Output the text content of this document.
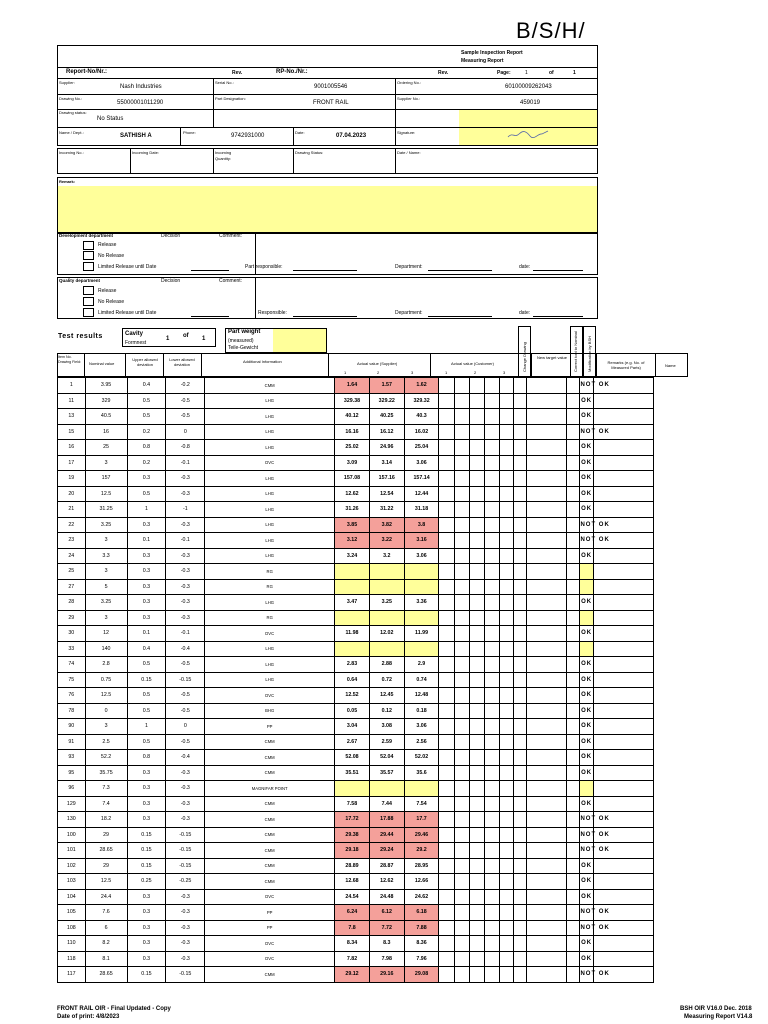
B/S/H/
Sample Inspection Report
Measuring Report
Report-No/Nr.:	Rev.	RP-No./Nr.:	Rev.	Page:	1	of	1
Supplier:
Nash Industries
Serial No.:
9001005546
Ordering No.:
60100009262043
Drawing No.:
55000001011290
Part Designation:
FRONT RAIL
Supplier No.:
459019
Drawing status:
No Status
Name / Dept.:
SATHISH A
Phone:
9742931000
Date:
07.04.2023
Signature:
Incoming No.:	Incoming Date:	Incoming Quantity:
Drawing Status:	Date / Name:
Remark:
Development department	Decision	Comment:
Release
No Release
Limited Release until Date	Part responsible:	Department:	date:
Quality department	Decision	Comment:
Release
No Release
Limited Release until Date	Responsible:	Department:	date:
Test results	Cavity
Formnest
1 of 1
Part weight
(measured)
Teile-Gewicht	Change Drawing	Correct tool to Nominal Modification by BSH
Item No. Drawing Field:	Nominal value
Upper allowed deviation
Lower allowed deviation
Additional Information	Actual value (Supplier)
1	2	3
Actual value (Customer)
1	2	3
New target value
Remarks (e.g. No. of Measured Parts)	Name
1	3.95	0.4	-0.2	CMM	1.64	1.57	1.62									NOT OK	
11	329	0.5	-0.5	LHG	329.38	329.22	329.32									OK	
13	40.5	0.5	-0.5	LHG	40.12	40.25	40.3									OK	
15	16	0.2	0	LHG	16.16	16.12	16.02									NOT OK	
16	25	0.8	-0.8	LHG	25.02	24.96	25.04									OK	
17	3	0.2	-0.1	DVC	3.09	3.14	3.06									OK	
19	157	0.3	-0.3	LHG	157.08	157.16	157.14									OK	
20	12.5	0.5	-0.3	LHG	12.62	12.54	12.44									OK	
21	31.25	1	-1	LHG	31.26	31.22	31.18									OK	
22	3.25	0.3	-0.3	LHG	3.85	3.82	3.8									NOT OK	
23	3	0.1	-0.1	LHG	3.12	3.22	3.16									NOT OK	
24	3.3	0.3	-0.3	LHG	3.24	3.2	3.06									OK	
25	3	0.3	-0.3	RG													
27	5	0.3	-0.3	RG													
28	3.25	0.3	-0.3	LHG	3.47	3.25	3.36									OK	
29	3	0.3	-0.3	RG													
30	12	0.1	-0.1	DVC	11.98	12.02	11.99									OK	
33	140	0.4	-0.4	LHG													
74	2.8	0.5	-0.5	LHG	2.83	2.88	2.9									OK	
75	0.75	0.15	-0.15	LHG	0.64	0.72	0.74									OK	
76	12.5	0.5	-0.5	DVC	12.52	12.45	12.48									OK	
78	0	0.5	-0.5	BHG	0.05	0.12	0.18									OK	
90	3	1	0	PP	3.04	3.08	3.06									OK	
91	2.5	0.5	-0.5	CMM	2.67	2.59	2.56									OK	
93	52.2	0.8	-0.4	CMM	52.08	52.04	52.02									OK	
95	35.75	0.3	-0.3	CMM	35.51	35.57	35.6									OK	
96	7.3	0.3	-0.3	MAGNIFAR POINT													
129	7.4	0.3	-0.3	CMM	7.58	7.44	7.54									OK	
130	18.2	0.3	-0.3	CMM	17.72	17.88	17.7									NOT OK	
100	29	0.15	-0.15	CMM	29.38	29.44	29.46									NOT OK	
101	28.65	0.15	-0.15	CMM	29.18	29.24	29.2									NOT OK	
102	29	0.15	-0.15	CMM	28.89	28.87	28.95									OK	
103	12.5	0.25	-0.25	CMM	12.68	12.62	12.66									OK	
104	24.4	0.3	-0.3	DVC	24.54	24.48	24.62									OK	
105	7.6	0.3	-0.3	PP	6.24	6.12	6.18									NOT OK	
108	6	0.3	-0.3	PP	7.8	7.72	7.88									NOT OK	
110	8.2	0.3	-0.3	DVC	8.34	8.3	8.36									OK	
118	8.1	0.3	-0.3	DVC	7.82	7.98	7.96									OK	
117	28.65	0.15	-0.15	CMM	29.12	29.16	29.08									NOT OK	
FRONT RAIL OIR - Final Updated - Copy
Date of print: 4/8/2023
BSH OIR V16.0 Dec. 2018
Measuring Report V14.8
